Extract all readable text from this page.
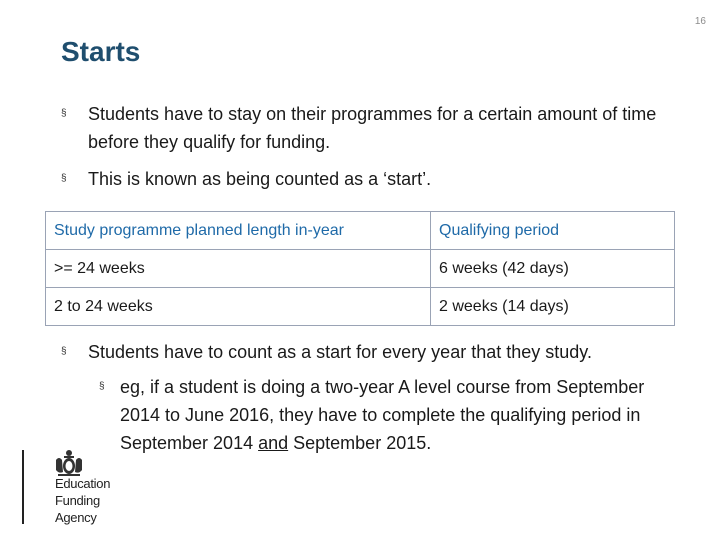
16
Starts
§	Students have to stay on their programmes for a certain amount of time before they qualify for funding.
§	This is known as being counted as a ‘start’.
Study programme planned length in-year	Qualifying period
>= 24 weeks	6 weeks (42 days)
2 to 24 weeks	2 weeks (14 days)
§	Students have to count as a start for every year that they study.
§ eg, if a student is doing a two-year A level course from September 2014 to June 2016, they have to complete the qualifying period in September 2014 and September 2015.
Education
Funding
Agency
